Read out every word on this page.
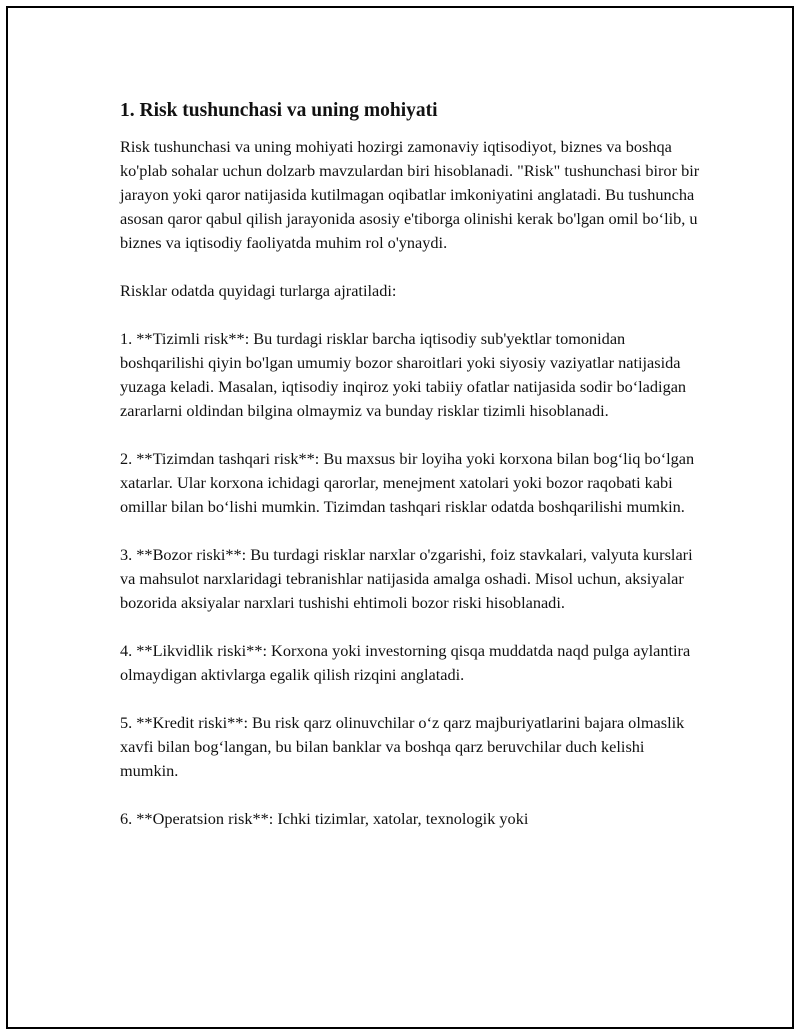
1. Risk tushunchasi va uning mohiyati

Risk tushunchasi va uning mohiyati hozirgi zamonaviy iqtisodiyot, biznes va boshqa ko'plab sohalar uchun dolzarb mavzulardan biri hisoblanadi. "Risk" tushunchasi biror bir jarayon yoki qaror natijasida kutilmagan oqibatlar imkoniyatini anglatadi. Bu tushuncha asosan qaror qabul qilish jarayonida asosiy e'tiborga olinishi kerak bo'lgan omil bo‘lib, u biznes va iqtisodiy faoliyatda muhim rol o'ynaydi.

Risklar odatda quyidagi turlarga ajratiladi:

1. **Tizimli risk**: Bu turdagi risklar barcha iqtisodiy sub'yektlar tomonidan boshqarilishi qiyin bo'lgan umumiy bozor sharoitlari yoki siyosiy vaziyatlar natijasida yuzaga keladi. Masalan, iqtisodiy inqiroz yoki tabiiy ofatlar natijasida sodir bo‘ladigan zararlarni oldindan bilgina olmaymiz va bunday risklar tizimli hisoblanadi.

2. **Tizimdan tashqari risk**: Bu maxsus bir loyiha yoki korxona bilan bog‘liq bo‘lgan xatarlar. Ular korxona ichidagi qarorlar, menejment xatolari yoki bozor raqobati kabi omillar bilan bo‘lishi mumkin. Tizimdan tashqari risklar odatda boshqarilishi mumkin.

3. **Bozor riski**: Bu turdagi risklar narxlar o'zgarishi, foiz stavkalari, valyuta kurslari va mahsulot narxlaridagi tebranishlar natijasida amalga oshadi. Misol uchun, aksiyalar bozorida aksiyalar narxlari tushishi ehtimoli bozor riski hisoblanadi.

4. **Likvidlik riski**: Korxona yoki investorning qisqa muddatda naqd pulga aylantira olmaydigan aktivlarga egalik qilish rizqini anglatadi.

5. **Kredit riski**: Bu risk qarz olinuvchilar o‘z qarz majburiyatlarini bajara olmaslik xavfi bilan bog‘langan, bu bilan banklar va boshqa qarz beruvchilar duch kelishi mumkin.

6. **Operatsion risk**: Ichki tizimlar, xatolar, texnologik yoki
